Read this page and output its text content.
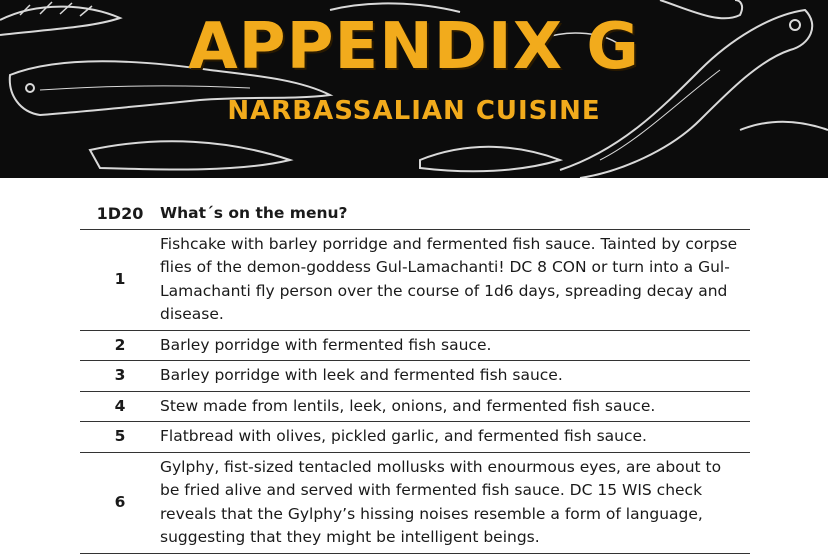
APPENDIX G
NARBASSALIAN CUISINE
1D20	What´s on the menu?
1	Fishcake with barley porridge and fermented fish sauce. Tainted by corpse flies of the demon-goddess Gul-Lamachanti! DC 8 CON or turn into a Gul-Lamachanti fly person over the course of 1d6 days, spreading decay and disease.
2	Barley porridge with fermented fish sauce.
3	Barley porridge with leek and fermented fish sauce.
4	Stew made from lentils, leek, onions, and fermented fish sauce.
5	Flatbread with olives, pickled garlic, and fermented fish sauce.
6	Gylphy, fist-sized tentacled mollusks with enourmous eyes, are about to be fried alive and served with fermented fish sauce. DC 15 WIS check reveals that the Gylphy’s hissing noises resemble a form of language, suggesting that they might be intelligent beings.
